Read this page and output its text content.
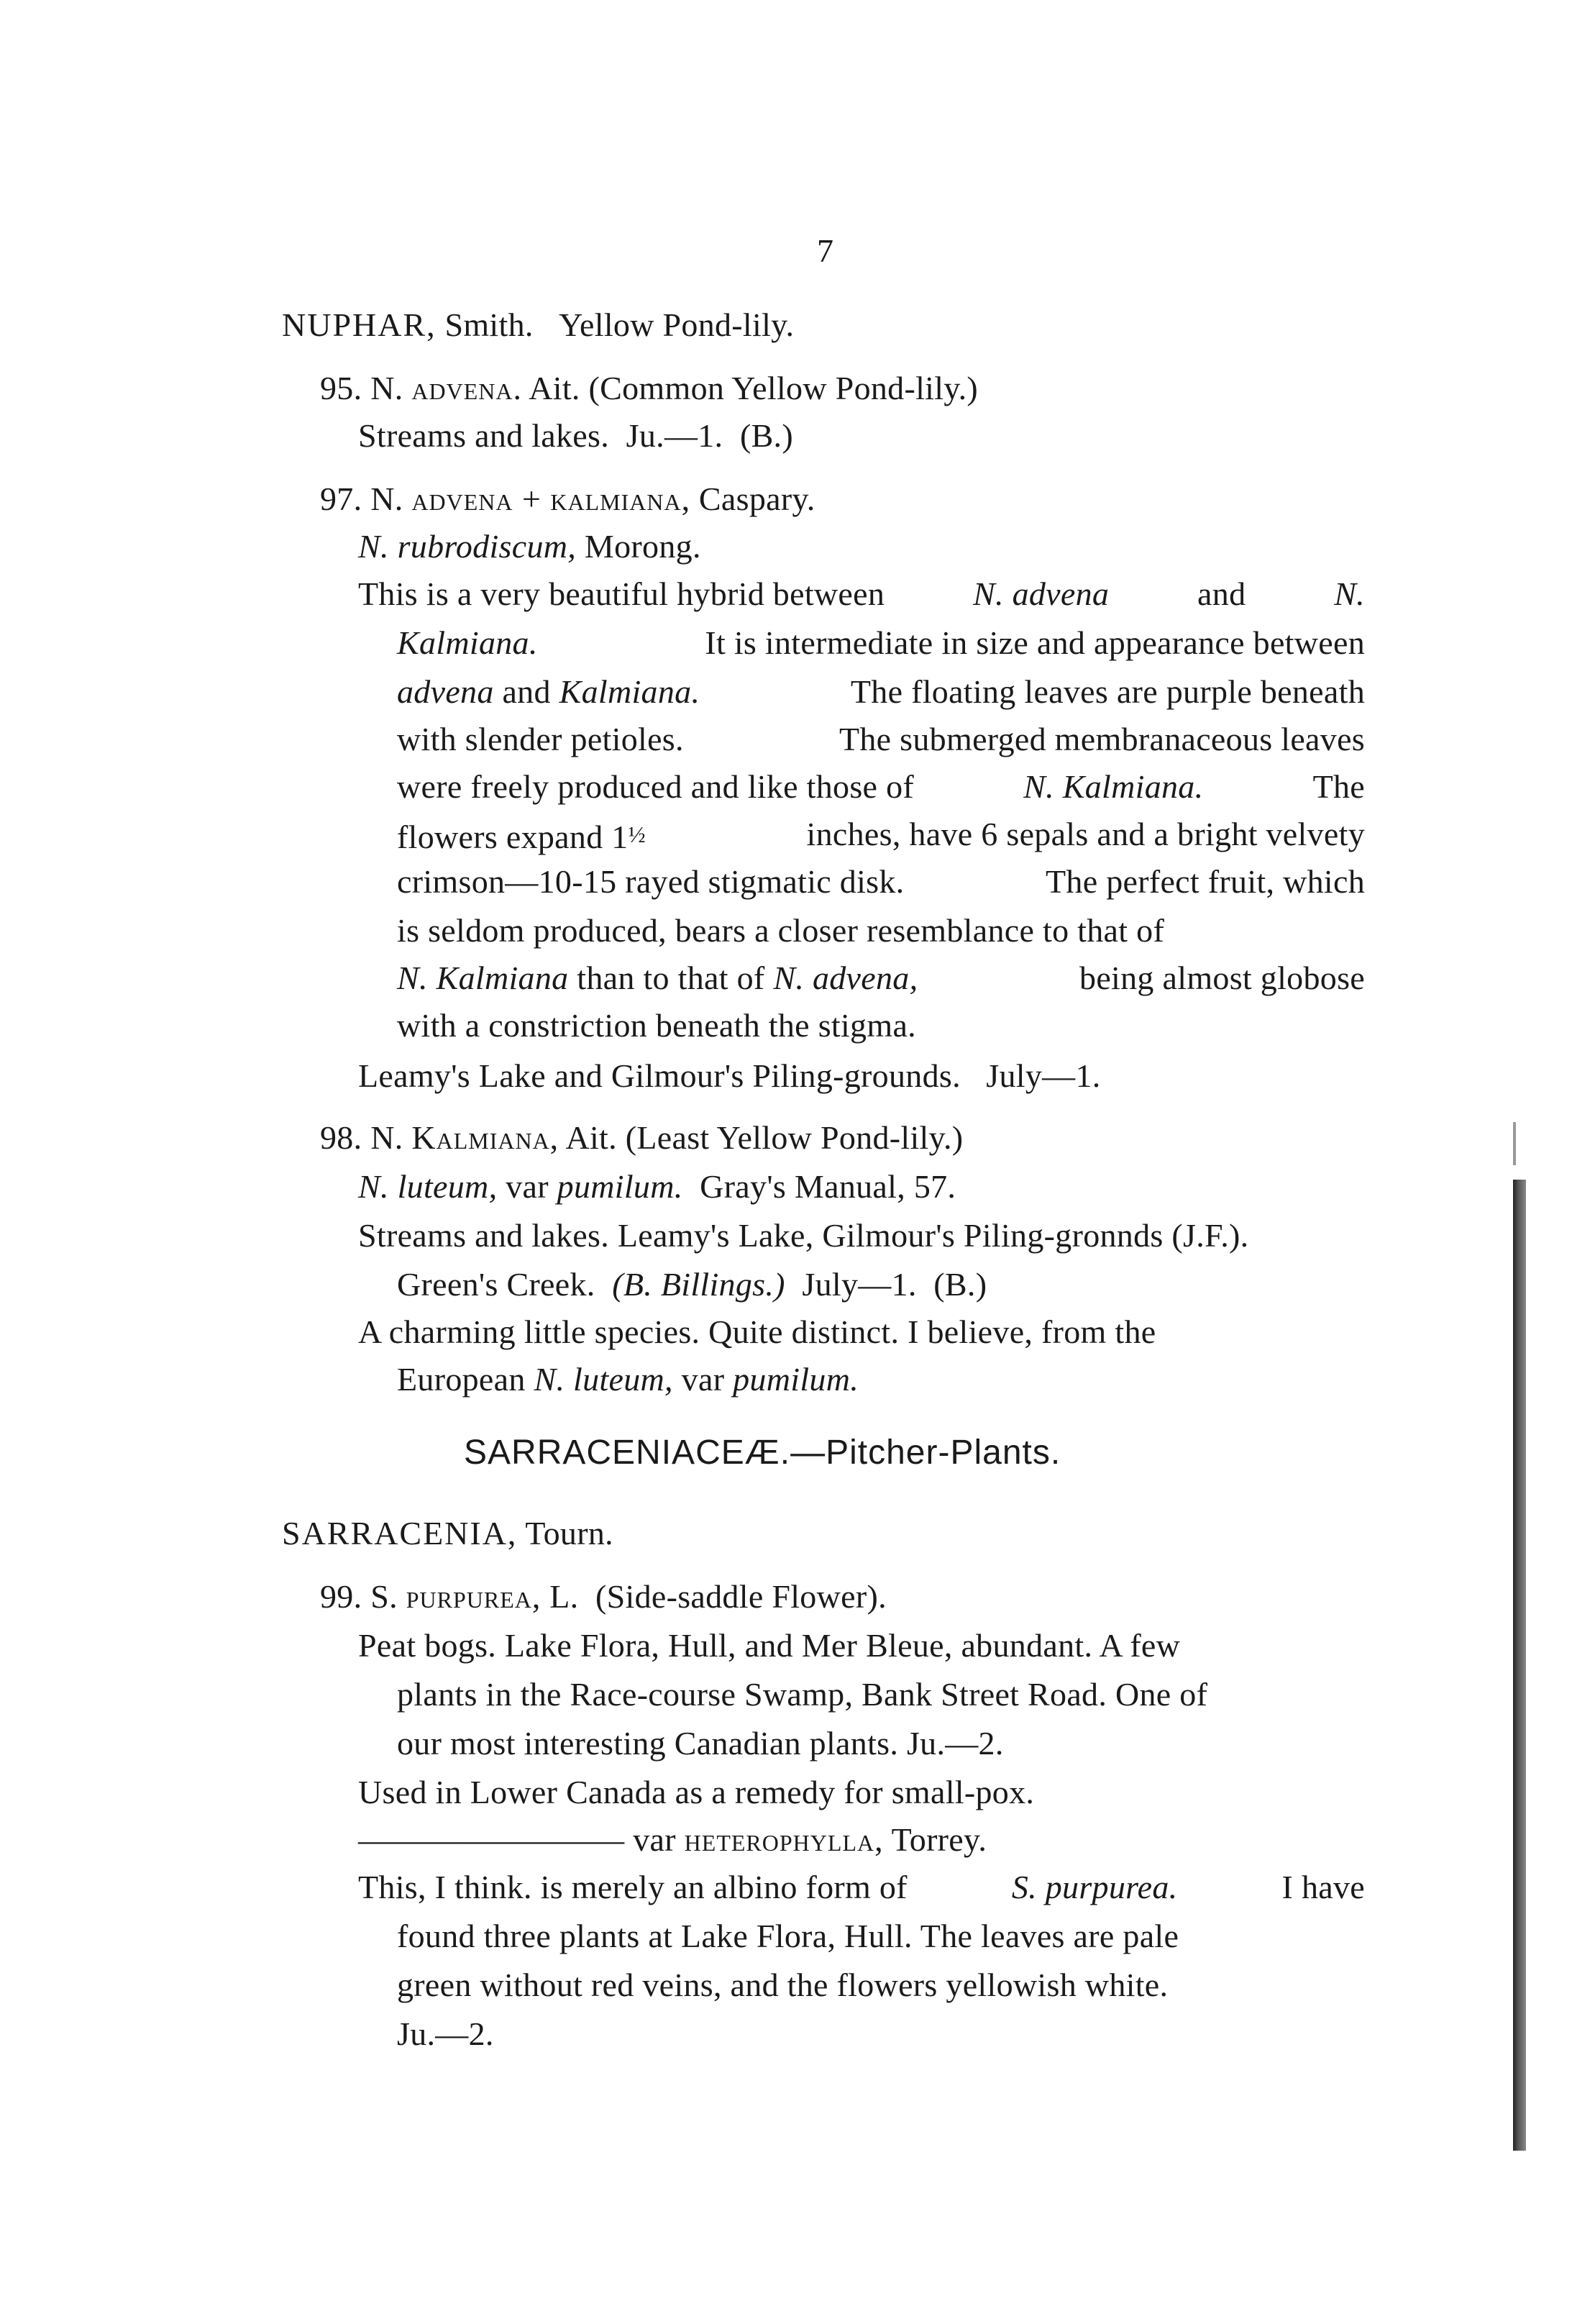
7
NUPHAR, Smith. Yellow Pond-lily.
95. N. advena. Ait. (Common Yellow Pond-lily.)
Streams and lakes. Ju.—1. (B.)
97. N. advena + kalmiana, Caspary.
N. rubrodiscum, Morong.
This is a very beautiful hybrid between	N. advena	and	N.
Kalmiana.	It is intermediate in size and appearance between
advena and Kalmiana.	The floating leaves are purple beneath
with slender petioles.	The submerged membranaceous leaves
were freely produced and like those of	N. Kalmiana.	The
flowers expand 1½	inches, have 6 sepals and a bright velvety
crimson—10-15 rayed stigmatic disk.	The perfect fruit, which
is seldom produced, bears a closer resemblance to that of
N. Kalmiana than to that of N. advena,	being almost globose
with a constriction beneath the stigma.
Leamy's Lake and Gilmour's Piling-grounds. July—1.
98. N. Kalmiana, Ait. (Least Yellow Pond-lily.)
N. luteum, var pumilum. Gray's Manual, 57.
Streams and lakes. Leamy's Lake, Gilmour's Piling-gronnds (J.F.).
Green's Creek. (B. Billings.) July—1. (B.)
A charming little species. Quite distinct. I believe, from the
European N. luteum, var pumilum.
SARRACENIACEÆ.—Pitcher-Plants.
SARRACENIA, Tourn.
99. S. purpurea, L. (Side-saddle Flower).
Peat bogs. Lake Flora, Hull, and Mer Bleue, abundant. A few
plants in the Race-course Swamp, Bank Street Road. One of
our most interesting Canadian plants. Ju.—2.
Used in Lower Canada as a remedy for small-pox.
———————— var heterophylla, Torrey.
This, I think. is merely an albino form of	S. purpurea.	I have
found three plants at Lake Flora, Hull. The leaves are pale
green without red veins, and the flowers yellowish white.
Ju.—2.
